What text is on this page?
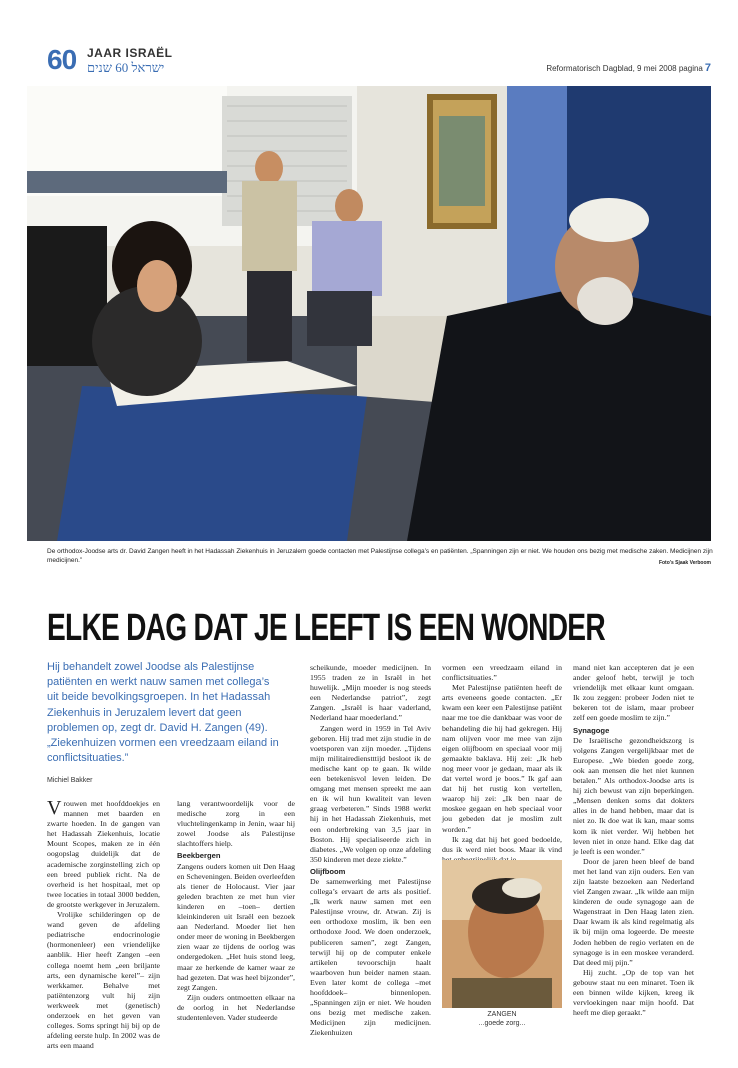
60 JAAR ISRAËL
ישראל 60 שנים	Reformatorisch Dagblad, 9 mei 2008 pagina 7
De orthodox-Joodse arts dr. David Zangen heeft in het Hadassah Ziekenhuis in Jeruzalem goede contacten met Palestijnse collega’s en patiënten. „Spanningen zijn er niet. We houden ons bezig met medische zaken. Medicijnen zijn medicijnen.”	Foto’s Sjaak Verboom
ELKE DAG DAT JE LEEFT IS EEN WONDER
Hij behandelt zowel Joodse als Palestijnse patiënten en werkt nauw samen met collega’s uit beide bevolkingsgroepen. In het Hadassah Ziekenhuis in Jeruzalem levert dat geen problemen op, zegt dr. David H. Zangen (49). „Ziekenhuizen vormen een vreedzaam eiland in conflictsituaties.”
Michiel Bakker

Vrouwen met hoofddoekjes en mannen met baarden en zwarte hoeden. In de gangen van het Hadassah Ziekenhuis, locatie Mount Scopes, maken ze in één oogopslag duidelijk dat de academische zorginstelling zich op een breed publiek richt. Na de overheid is het hospitaal, met op twee locaties in totaal 3000 bedden, de grootste werkgever in Jeruzalem.

Vrolijke schilderingen op de wand geven de afdeling pediatrische endocrinologie (hormonenleer) een vriendelijke aanblik. Hier heeft Zangen –een collega noemt hem „een briljante arts, een dynamische kerel”– zijn werkkamer. Behalve met patiëntenzorg vult hij zijn werkweek met (genetisch) onderzoek en het geven van colleges. Soms springt hij bij op de afdeling eerste hulp. In 2002 was de arts een maand

lang verantwoordelijk voor de medische zorg in een vluchtelingenkamp in Jenin, waar hij zowel Joodse als Palestijnse slachtoffers hielp.

Beekbergen

Zangens ouders komen uit Den Haag en Scheveningen. Beiden overleefden als tiener de Holocaust. Vier jaar geleden brachten ze met hun vier kinderen en –toen– dertien kleinkinderen uit Israël een bezoek aan Nederland. Moeder liet hen onder meer de woning in Beekbergen zien waar ze tijdens de oorlog was ondergedoken. „Het huis stond leeg, maar ze herkende de kamer waar ze had gezeten. Dat was heel bijzonder”, zegt Zangen.

Zijn ouders ontmoetten elkaar na de oorlog in het Nederlandse studentenleven. Vader studeerde

scheikunde, moeder medicijnen. In 1955 traden ze in Israël in het huwelijk. „Mijn moeder is nog steeds een Nederlandse patriot”, zegt Zangen. „Israël is haar vaderland, Nederland haar moederland.”

Zangen werd in 1959 in Tel Aviv geboren. Hij trad met zijn studie in de voetsporen van zijn moeder. „Tijdens mijn militairedienstttijd besloot ik de medische kant op te gaan. Ik wilde een betekenisvol leven leiden. De omgang met mensen spreekt me aan en ik wil hun kwaliteit van leven graag verbeteren.” Sinds 1988 werkt hij in het Hadassah Ziekenhuis, met een onderbreking van 3,5 jaar in Boston. Hij specialiseerde zich in diabetes. „We volgen op onze afdeling 350 kinderen met deze ziekte.”

Olijfboom

De samenwerking met Palestijnse collega’s ervaart de arts als positief. „Ik werk nauw samen met een Palestijnse vrouw, dr. Atwan. Zij is een orthodoxe moslim, ik ben een orthodoxe Jood. We doen onderzoek, publiceren samen”, zegt Zangen, terwijl hij op de computer enkele artikelen tevoorschijn haalt waarboven hun beider namen staan. Even later komt de collega –met hoofddoek– binnenlopen. „Spanningen zijn er niet. We houden ons bezig met medische zaken. Medicijnen zijn medicijnen. Ziekenhuizen

vormen een vreedzaam eiland in conflictsituaties.”

Met Palestijnse patiënten heeft de arts eveneens goede contacten. „Er kwam een keer een Palestijnse patiënt naar me toe die dankbaar was voor de behandeling die hij had gekregen. Hij nam olijven voor me mee van zijn eigen olijfboom en speciaal voor mij gemaakte baklava. Hij zei: „Ik heb nog meer voor je gedaan, maar als ik dat vertel word je boos.” Ik gaf aan dat hij het rustig kon vertellen, waarop hij zei: „Ik ben naar de moskee gegaan en heb speciaal voor jou gebeden dat je moslim zult worden.”

Ik zag dat hij het goed bedoelde, dus ik werd niet boos. Maar ik vind

mand niet kan accepteren dat je een ander geloof hebt, terwijl je toch vriendelijk met elkaar kunt omgaan. Ik zou zeggen: probeer Joden niet te bekeren tot de islam, maar probeer zelf een goede moslim te zijn.”

Synagoge

De Israëlische gezondheidszorg is volgens Zangen vergelijkbaar met de Europese. „We bieden goede zorg, ook aan mensen die het niet kunnen betalen.” Als orthodox-Joodse arts is hij zich bewust van zijn beperkingen. „Mensen denken soms dat dokters alles in de hand hebben, maar dat is niet zo. Ik doe wat ik kan, maar soms kom ik niet verder. Wij hebben het leven niet in onze hand. Elke dag dat je leeft is een wonder.”

Door de jaren heen bleef de band met het land van zijn ouders. Een van zijn laatste bezoeken aan Nederland viel Zangen zwaar. „Ik wilde aan mijn kinderen de oude synagoge aan de Wagenstraat in Den Haag laten zien. Daar kwam ik als kind regelmatig als ik bij mijn oma logeerde. De meeste Joden hebben de regio verlaten en de synagoge is in een moskee veranderd. Dat deed mij pijn.”

Hij zucht. „Op de top van het gebouw staat nu een minaret. Toen ik een binnen wilde kijken, kreeg ik vervloekingen naar mijn hoofd. Dat heeft me diep geraakt.”

ZANGEN
...goede zorg...
